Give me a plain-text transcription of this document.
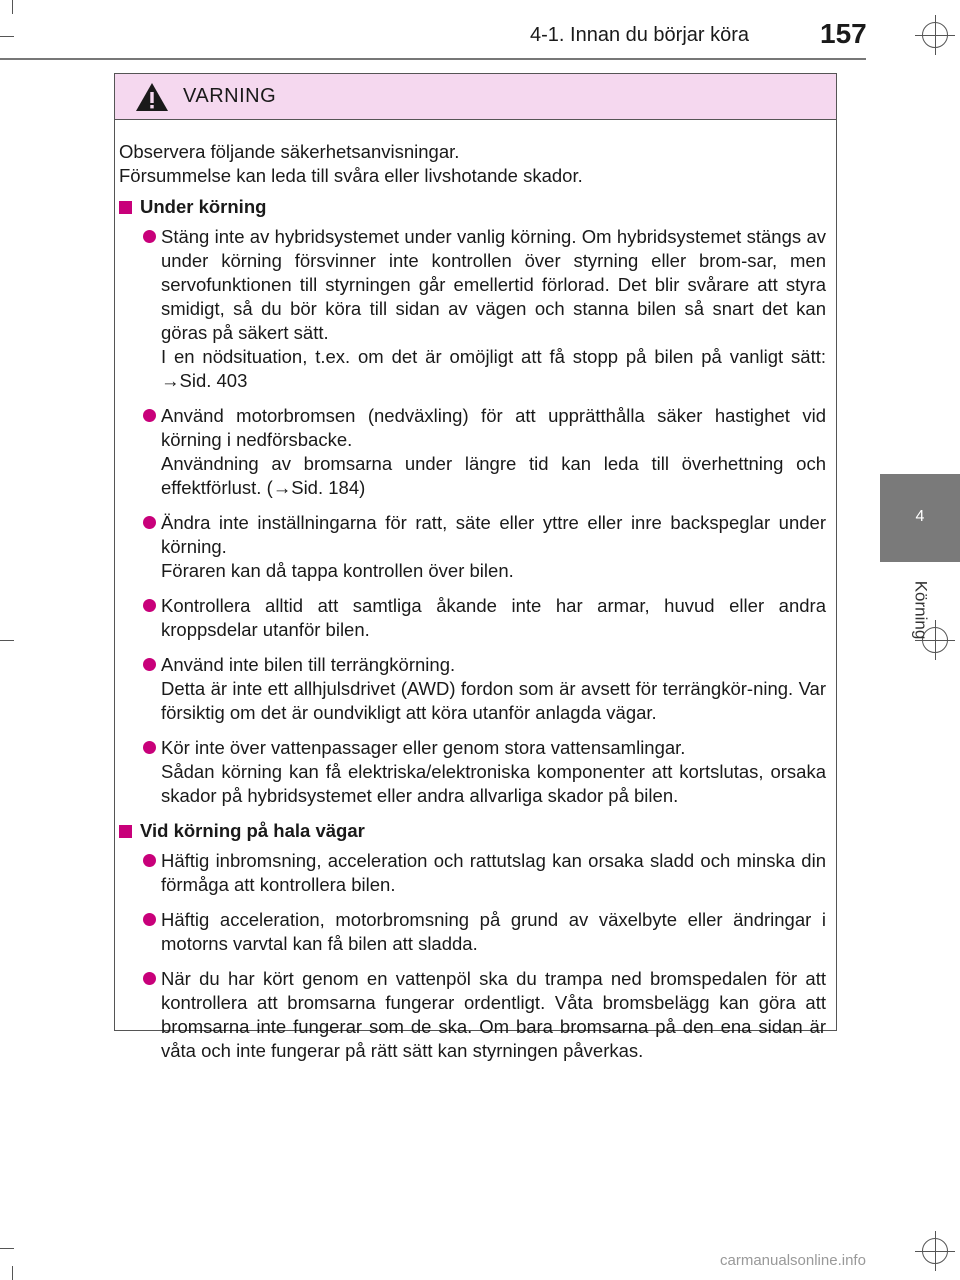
4-1. Innan du börjar köra	157
4
Körning
VARNING
Observera följande säkerhetsanvisningar.
Försummelse kan leda till svåra eller livshotande skador.
Under körning

Stäng inte av hybridsystemet under vanlig körning. Om hybridsystemet stängs av under körning försvinner inte kontrollen över styrning eller brom-sar, men servofunktionen till styrningen går emellertid förlorad. Det blir svårare att styra smidigt, så du bör köra till sidan av vägen och stanna bilen så snart det kan göras på säkert sätt.

I en nödsituation, t.ex. om det är omöjligt att få stopp på bilen på vanligt sätt: →Sid. 403

Använd motorbromsen (nedväxling) för att upprätthålla säker hastighet vid körning i nedförsbacke.

Användning av bromsarna under längre tid kan leda till överhettning och effektförlust. (→Sid. 184)

Ändra inte inställningarna för ratt, säte eller yttre eller inre backspeglar under körning.

Föraren kan då tappa kontrollen över bilen.

Kontrollera alltid att samtliga åkande inte har armar, huvud eller andra kroppsdelar utanför bilen.

Använd inte bilen till terrängkörning.

Detta är inte ett allhjulsdrivet (AWD) fordon som är avsett för terrängkör-ning. Var försiktig om det är oundvikligt att köra utanför anlagda vägar.

Kör inte över vattenpassager eller genom stora vattensamlingar.

Sådan körning kan få elektriska/elektroniska komponenter att kortslutas, orsaka skador på hybridsystemet eller andra allvarliga skador på bilen.

Vid körning på hala vägar

Häftig inbromsning, acceleration och rattutslag kan orsaka sladd och minska din förmåga att kontrollera bilen.

Häftig acceleration, motorbromsning på grund av växelbyte eller ändringar i motorns varvtal kan få bilen att sladda.

När du har kört genom en vattenpöl ska du trampa ned bromspedalen för att kontrollera att bromsarna fungerar ordentligt. Våta bromsbelägg kan göra att bromsarna inte fungerar som de ska. Om bara bromsarna på den ena sidan är våta och inte fungerar på rätt sätt kan styrningen påverkas.

carmanualsonline.info
